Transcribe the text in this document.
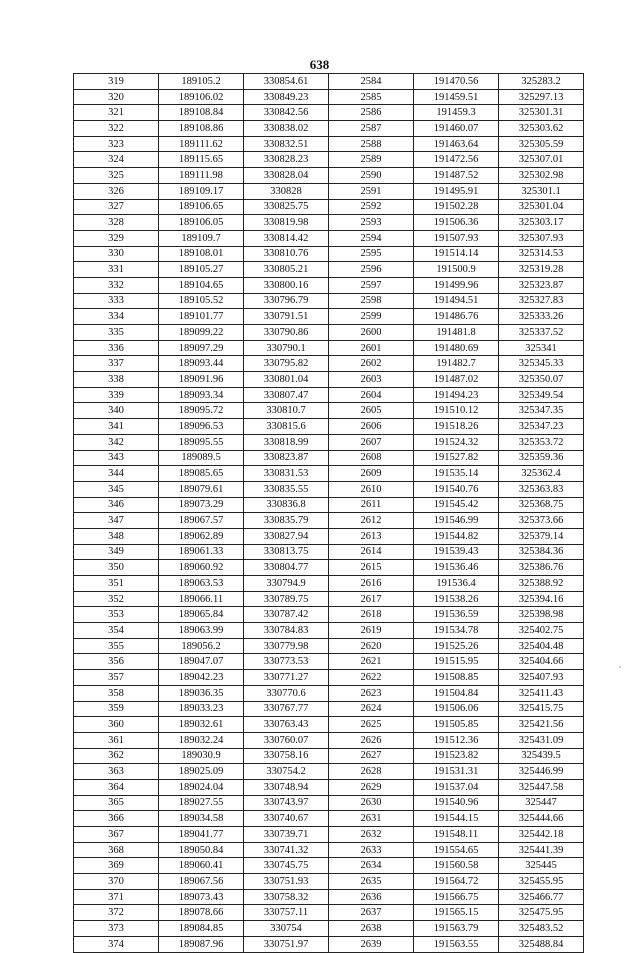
638
319	189105.2	330854.61	2584	191470.56	325283.2
320	189106.02	330849.23	2585	191459.51	325297.13
321	189108.84	330842.56	2586	191459.3	325301.31
322	189108.86	330838.02	2587	191460.07	325303.62
323	189111.62	330832.51	2588	191463.64	325305.59
324	189115.65	330828.23	2589	191472.56	325307.01
325	189111.98	330828.04	2590	191487.52	325302.98
326	189109.17	330828	2591	191495.91	325301.1
327	189106.65	330825.75	2592	191502.28	325301.04
328	189106.05	330819.98	2593	191506.36	325303.17
329	189109.7	330814.42	2594	191507.93	325307.93
330	189108.01	330810.76	2595	191514.14	325314.53
331	189105.27	330805.21	2596	191500.9	325319.28
332	189104.65	330800.16	2597	191499.96	325323.87
333	189105.52	330796.79	2598	191494.51	325327.83
334	189101.77	330791.51	2599	191486.76	325333.26
335	189099.22	330790.86	2600	191481.8	325337.52
336	189097.29	330790.1	2601	191480.69	325341
337	189093.44	330795.82	2602	191482.7	325345.33
338	189091.96	330801.04	2603	191487.02	325350.07
339	189093.34	330807.47	2604	191494.23	325349.54
340	189095.72	330810.7	2605	191510.12	325347.35
341	189096.53	330815.6	2606	191518.26	325347.23
342	189095.55	330818.99	2607	191524.32	325353.72
343	189089.5	330823.87	2608	191527.82	325359.36
344	189085.65	330831.53	2609	191535.14	325362.4
345	189079.61	330835.55	2610	191540.76	325363.83
346	189073.29	330836.8	2611	191545.42	325368.75
347	189067.57	330835.79	2612	191546.99	325373.66
348	189062.89	330827.94	2613	191544.82	325379.14
349	189061.33	330813.75	2614	191539.43	325384.36
350	189060.92	330804.77	2615	191536.46	325386.76
351	189063.53	330794.9	2616	191536.4	325388.92
352	189066.11	330789.75	2617	191538.26	325394.16
353	189065.84	330787.42	2618	191536.59	325398.98
354	189063.99	330784.83	2619	191534.78	325402.75
355	189056.2	330779.98	2620	191525.26	325404.48
356	189047.07	330773.53	2621	191515.95	325404.66
357	189042.23	330771.27	2622	191508.85	325407.93
358	189036.35	330770.6	2623	191504.84	325411.43
359	189033.23	330767.77	2624	191506.06	325415.75
360	189032.61	330763.43	2625	191505.85	325421.56
361	189032.24	330760.07	2626	191512.36	325431.09
362	189030.9	330758.16	2627	191523.82	325439.5
363	189025.09	330754.2	2628	191531.31	325446.99
364	189024.04	330748.94	2629	191537.04	325447.58
365	189027.55	330743.97	2630	191540.96	325447
366	189034.58	330740.67	2631	191544.15	325444.66
367	189041.77	330739.71	2632	191548.11	325442.18
368	189050.84	330741.32	2633	191554.65	325441.39
369	189060.41	330745.75	2634	191560.58	325445
370	189067.56	330751.93	2635	191564.72	325455.95
371	189073.43	330758.32	2636	191566.75	325466.77
372	189078.66	330757.11	2637	191565.15	325475.95
373	189084.85	330754	2638	191563.79	325483.52
374	189087.96	330751.97	2639	191563.55	325488.84
